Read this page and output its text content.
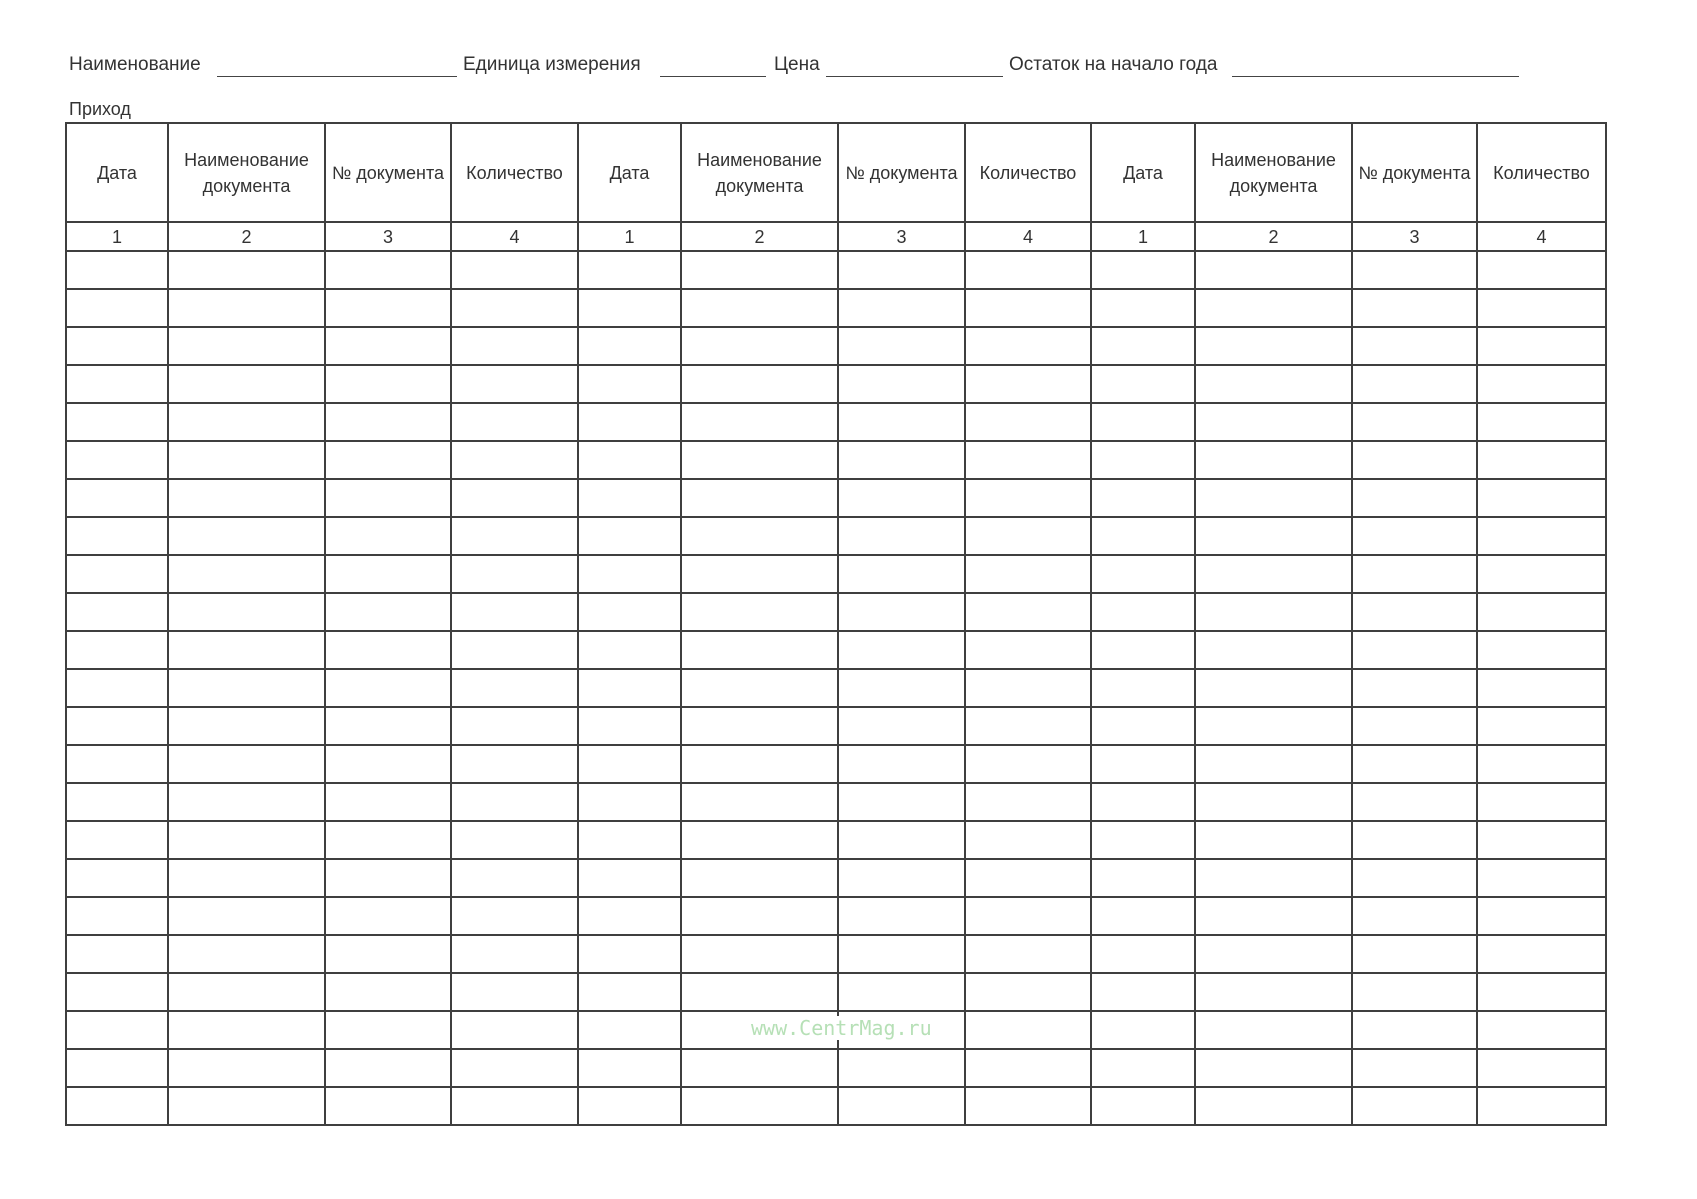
Наименование	Единица измерения	Цена	Остаток на начало года
Приход
Дата	Наименование документа	№ документа	Количество	Дата	Наименование документа	№ документа	Количество	Дата	Наименование документа	№ документа	Количество
1	2	3	4	1	2	3	4	1	2	3	4

www.CentrMag.ru
